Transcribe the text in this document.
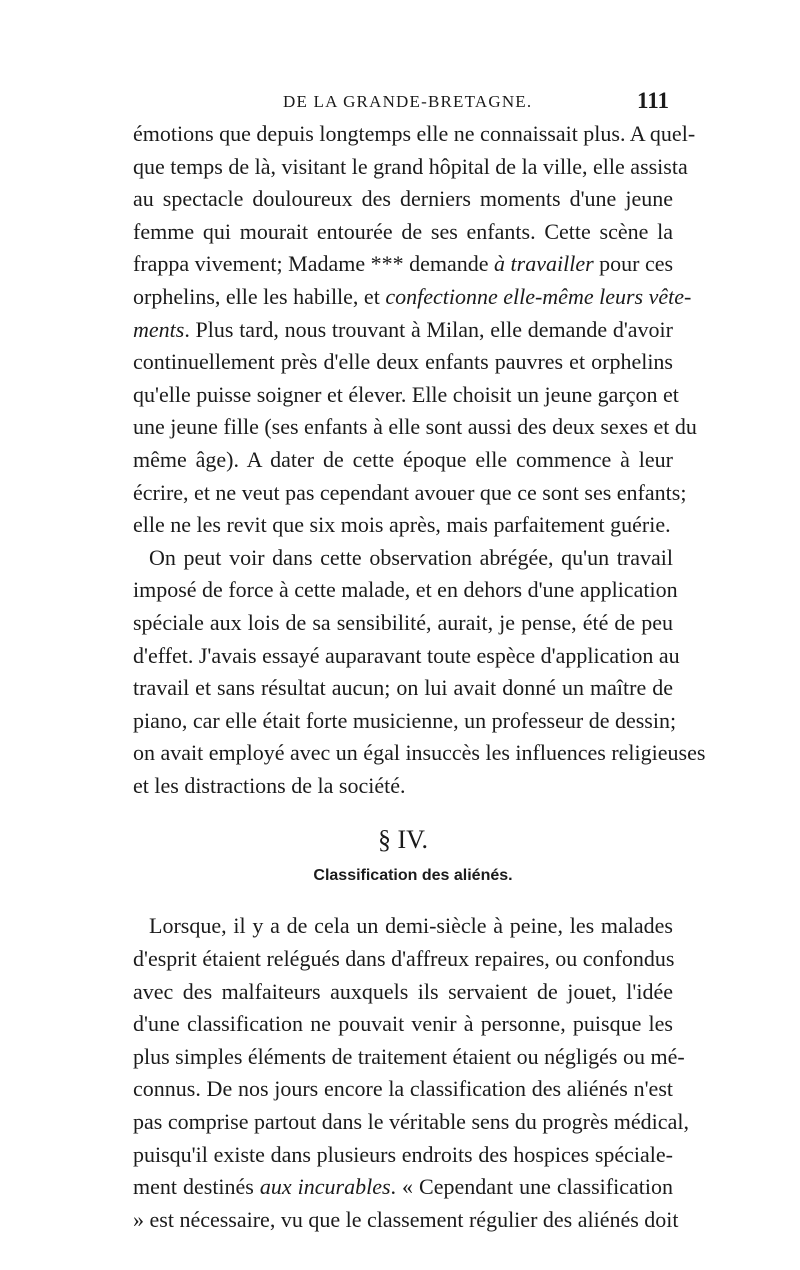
DE LA GRANDE-BRETAGNE.	111
émotions que depuis longtemps elle ne connaissait plus. A quel-
que temps de là, visitant le grand hôpital de la ville, elle assista
au spectacle douloureux des derniers moments d'une jeune
femme qui mourait entourée de ses enfants. Cette scène la
frappa vivement; Madame *** demande à travailler pour ces
orphelins, elle les habille, et confectionne elle-même leurs vête-
ments. Plus tard, nous trouvant à Milan, elle demande d'avoir
continuellement près d'elle deux enfants pauvres et orphelins
qu'elle puisse soigner et élever. Elle choisit un jeune garçon et
une jeune fille (ses enfants à elle sont aussi des deux sexes et du
même âge). A dater de cette époque elle commence à leur
écrire, et ne veut pas cependant avouer que ce sont ses enfants;
elle ne les revit que six mois après, mais parfaitement guérie.
On peut voir dans cette observation abrégée, qu'un travail
imposé de force à cette malade, et en dehors d'une application
spéciale aux lois de sa sensibilité, aurait, je pense, été de peu
d'effet. J'avais essayé auparavant toute espèce d'application au
travail et sans résultat aucun; on lui avait donné un maître de
piano, car elle était forte musicienne, un professeur de dessin;
on avait employé avec un égal insuccès les influences religieuses
et les distractions de la société.
§ IV.
Classification des aliénés.
Lorsque, il y a de cela un demi-siècle à peine, les malades
d'esprit étaient relégués dans d'affreux repaires, ou confondus
avec des malfaiteurs auxquels ils servaient de jouet, l'idée
d'une classification ne pouvait venir à personne, puisque les
plus simples éléments de traitement étaient ou négligés ou mé-
connus. De nos jours encore la classification des aliénés n'est
pas comprise partout dans le véritable sens du progrès médical,
puisqu'il existe dans plusieurs endroits des hospices spéciale-
ment destinés aux incurables. « Cependant une classification
» est nécessaire, vu que le classement régulier des aliénés doit
